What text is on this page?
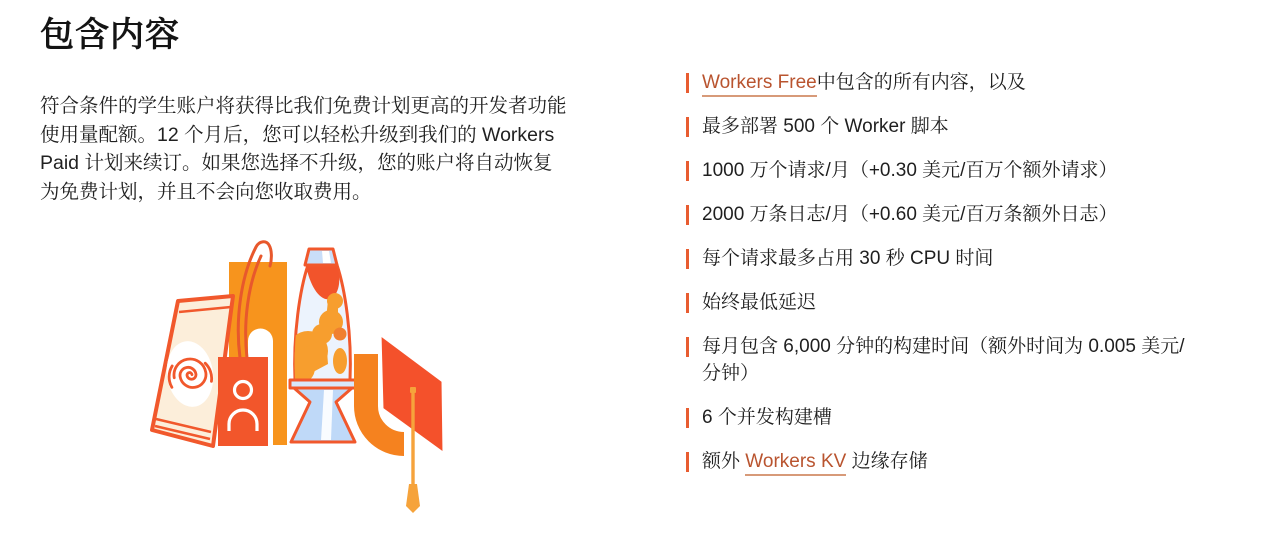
包含内容

符合条件的学生账户将获得比我们免费计划更高的开发者功能使用量配额。12 个月后，您可以轻松升级到我们的 Workers Paid 计划来续订。如果您选择不升级，您的账户将自动恢复为免费计划，并且不会向您收取费用。

Workers Free中包含的所有内容，以及
最多部署 500 个 Worker 脚本
1000 万个请求/月（+0.30 美元/百万个额外请求）
2000 万条日志/月（+0.60 美元/百万条额外日志）
每个请求最多占用 30 秒 CPU 时间
始终最低延迟
每月包含 6,000 分钟的构建时间（额外时间为 0.005 美元/分钟）
6 个并发构建槽
额外 Workers KV 边缘存储
